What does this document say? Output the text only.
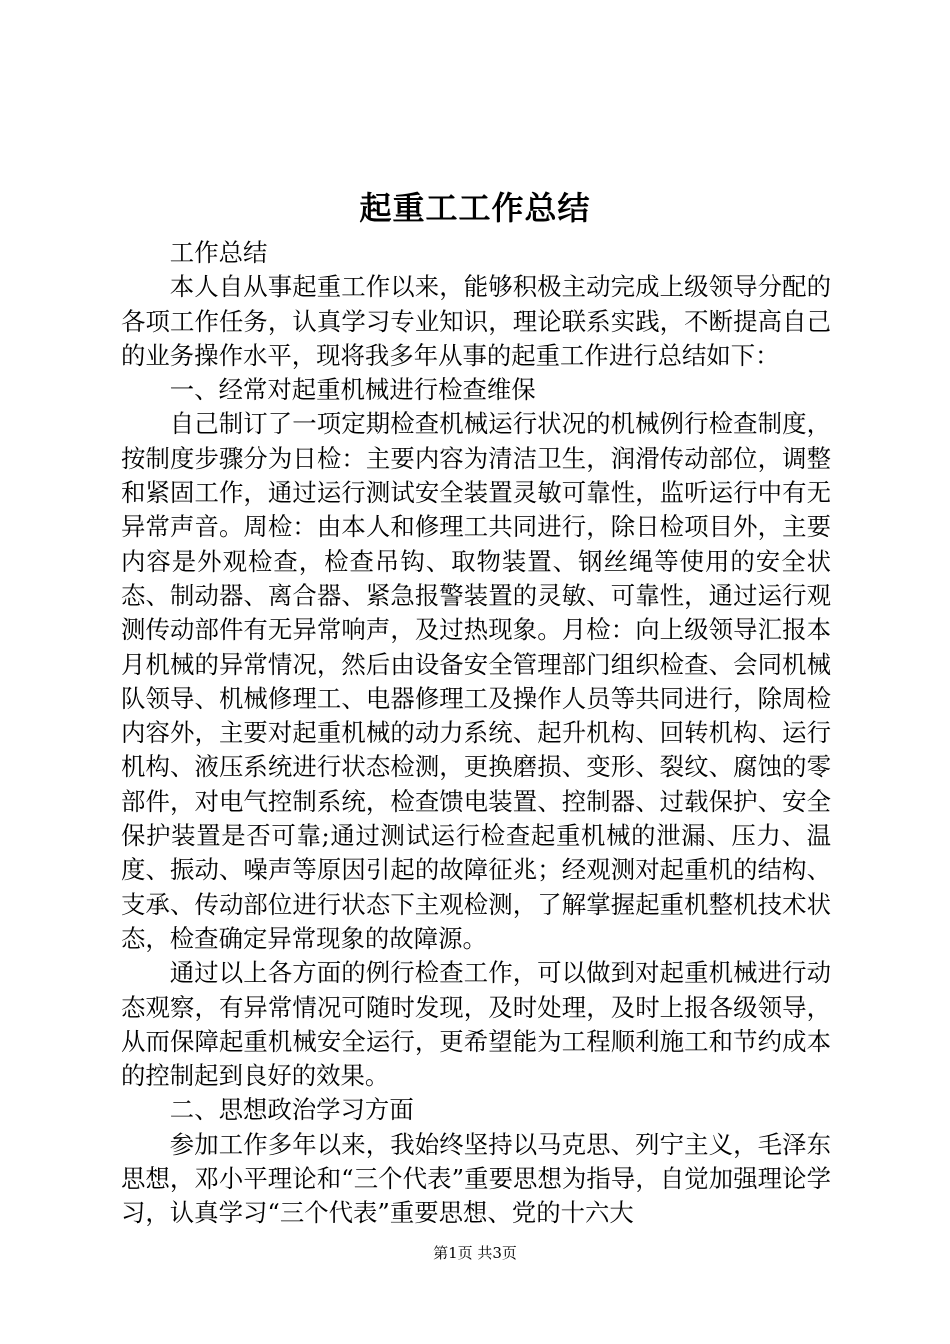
起重工工作总结

工作总结

本人自从事起重工作以来，能够积极主动完成上级领导分配的各项工作任务，认真学习专业知识，理论联系实践，不断提高自己的业务操作水平，现将我多年从事的起重工作进行总结如下：

一、经常对起重机械进行检查维保

自己制订了一项定期检查机械运行状况的机械例行检查制度，按制度步骤分为日检：主要内容为清洁卫生，润滑传动部位，调整和紧固工作，通过运行测试安全装置灵敏可靠性，监听运行中有无异常声音。周检：由本人和修理工共同进行，除日检项目外，主要内容是外观检查，检查吊钩、取物装置、钢丝绳等使用的安全状态、制动器、离合器、紧急报警装置的灵敏、可靠性，通过运行观测传动部件有无异常响声，及过热现象。月检：向上级领导汇报本月机械的异常情况，然后由设备安全管理部门组织检查、会同机械队领导、机械修理工、电器修理工及操作人员等共同进行，除周检内容外，主要对起重机械的动力系统、起升机构、回转机构、运行机构、液压系统进行状态检测，更换磨损、变形、裂纹、腐蚀的零部件，对电气控制系统，检查馈电装置、控制器、过载保护、安全保护装置是否可靠;通过测试运行检查起重机械的泄漏、压力、温度、振动、噪声等原因引起的故障征兆；经观测对起重机的结构、支承、传动部位进行状态下主观检测，了解掌握起重机整机技术状态，检查确定异常现象的故障源。

通过以上各方面的例行检查工作，可以做到对起重机械进行动态观察，有异常情况可随时发现，及时处理，及时上报各级领导，从而保障起重机械安全运行，更希望能为工程顺利施工和节约成本的控制起到良好的效果。

二、思想政治学习方面

参加工作多年以来，我始终坚持以马克思、列宁主义，毛泽东思想，邓小平理论和“三个代表”重要思想为指导，自觉加强理论学习，认真学习“三个代表”重要思想、党的十六大

第1页 共3页
